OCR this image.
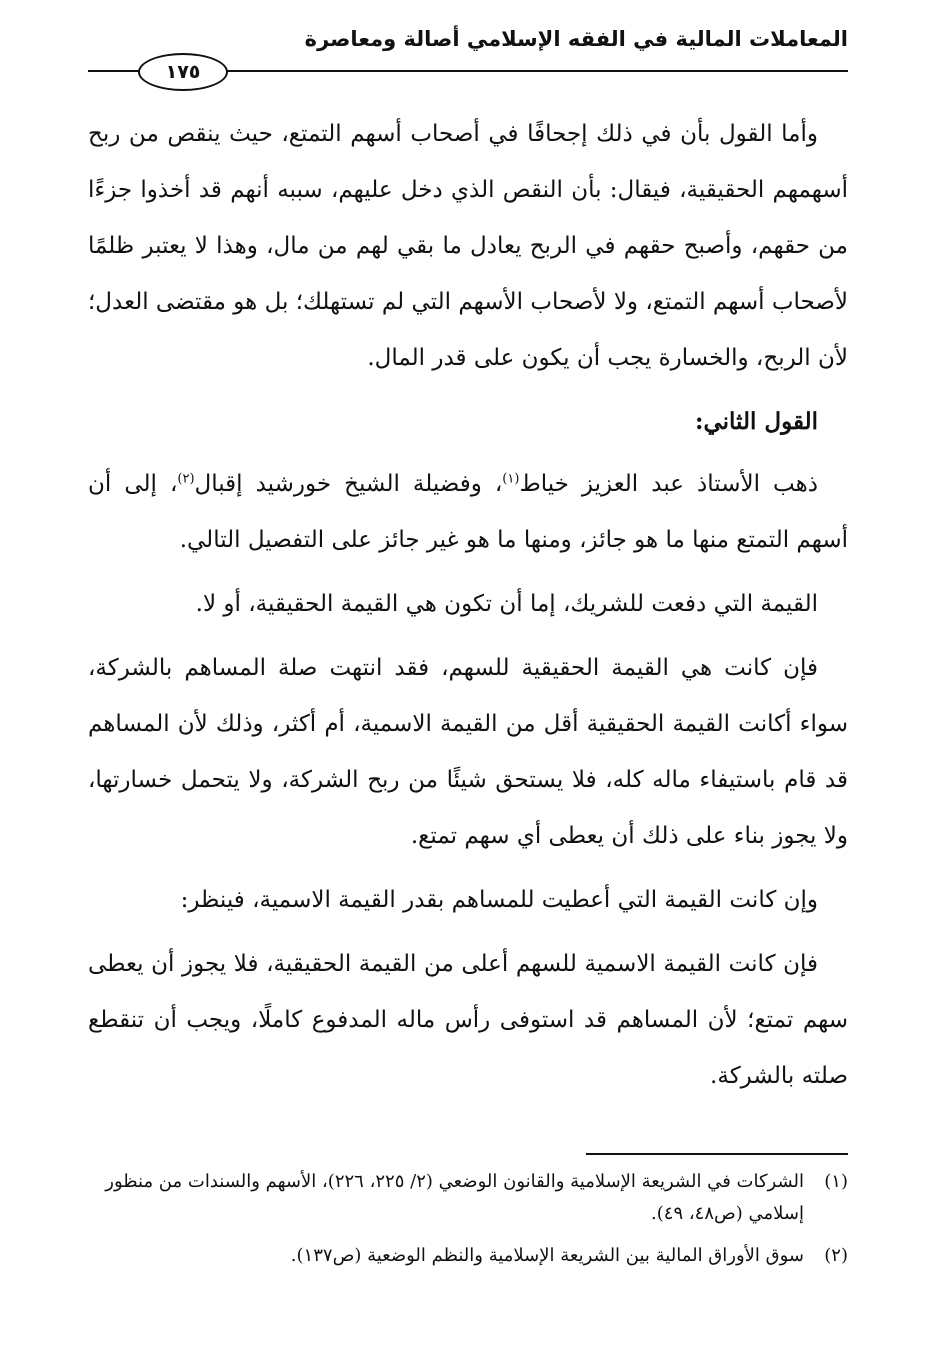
المعاملات المالية في الفقه الإسلامي أصالة ومعاصرة
١٧٥

وأما القول بأن في ذلك إجحافًا في أصحاب أسهم التمتع، حيث ينقص من ربح أسهمهم الحقيقية، فيقال: بأن النقص الذي دخل عليهم، سببه أنهم قد أخذوا جزءًا من حقهم، وأصبح حقهم في الربح يعادل ما بقي لهم من مال، وهذا لا يعتبر ظلمًا لأصحاب أسهم التمتع، ولا لأصحاب الأسهم التي لم تستهلك؛ بل هو مقتضى العدل؛ لأن الربح، والخسارة يجب أن يكون على قدر المال.

القول الثاني:

ذهب الأستاذ عبد العزيز خياط$^{(١)}$، وفضيلة الشيخ خورشيد إقبال$^{(٢)}$، إلى أن أسهم التمتع منها ما هو جائز، ومنها ما هو غير جائز على التفصيل التالي.

القيمة التي دفعت للشريك، إما أن تكون هي القيمة الحقيقية، أو لا.

فإن كانت هي القيمة الحقيقية للسهم، فقد انتهت صلة المساهم بالشركة، سواء أكانت القيمة الحقيقية أقل من القيمة الاسمية، أم أكثر، وذلك لأن المساهم قد قام باستيفاء ماله كله، فلا يستحق شيئًا من ربح الشركة، ولا يتحمل خسارتها، ولا يجوز بناء على ذلك أن يعطى أي سهم تمتع.

وإن كانت القيمة التي أعطيت للمساهم بقدر القيمة الاسمية، فينظر:

فإن كانت القيمة الاسمية للسهم أعلى من القيمة الحقيقية، فلا يجوز أن يعطى سهم تمتع؛ لأن المساهم قد استوفى رأس ماله المدفوع كاملًا، ويجب أن تنقطع صلته بالشركة.

(١)
الشركات في الشريعة الإسلامية والقانون الوضعي (٢/ ٢٢٥، ٢٢٦)، الأسهم والسندات من منظور إسلامي (ص٤٨، ٤٩).
(٢)
سوق الأوراق المالية بين الشريعة الإسلامية والنظم الوضعية (ص١٣٧).
